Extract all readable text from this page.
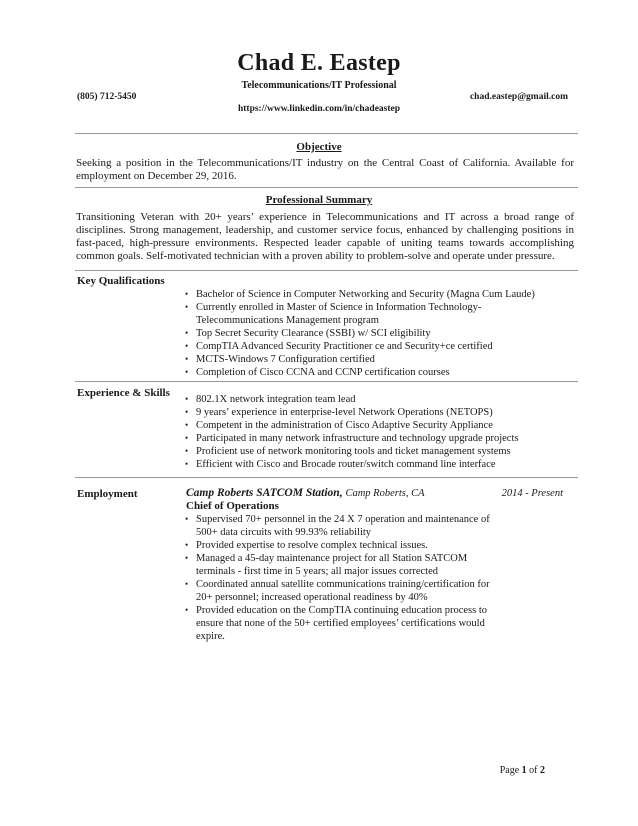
Chad E. Eastep
Telecommunications/IT Professional
(805) 712-5450	chad.eastep@gmail.com
https://www.linkedin.com/in/chadeastep
Objective
Seeking a position in the Telecommunications/IT industry on the Central Coast of California. Available for employment on December 29, 2016.
Professional Summary
Transitioning Veteran with 20+ years’ experience in Telecommunications and IT across a broad range of disciplines. Strong management, leadership, and customer service focus, enhanced by challenging positions in fast-paced, high-pressure environments. Respected leader capable of uniting teams towards accomplishing common goals. Self-motivated technician with a proven ability to problem-solve and operate under pressure.
Key Qualifications
• Bachelor of Science in Computer Networking and Security (Magna Cum Laude)
• Currently enrolled in Master of Science in Information Technology-Telecommunications Management program
• Top Secret Security Clearance (SSBI) w/ SCI eligibility
• CompTIA Advanced Security Practitioner ce and Security+ce certified
• MCTS-Windows 7 Configuration certified
• Completion of Cisco CCNA and CCNP certification courses
Experience & Skills
• 802.1X network integration team lead
• 9 years’ experience in enterprise-level Network Operations (NETOPS)
• Competent in the administration of Cisco Adaptive Security Appliance
• Participated in many network infrastructure and technology upgrade projects
• Proficient use of network monitoring tools and ticket management systems
• Efficient with Cisco and Brocade router/switch command line interface
Employment	Camp Roberts SATCOM Station, Camp Roberts, CA	2014 - Present
Chief of Operations
• Supervised 70+ personnel in the 24 X 7 operation and maintenance of 500+ data circuits with 99.93% reliability
• Provided expertise to resolve complex technical issues.
• Managed a 45-day maintenance project for all Station SATCOM terminals - first time in 5 years; all major issues corrected
• Coordinated annual satellite communications training/certification for 20+ personnel; increased operational readiness by 40%
• Provided education on the CompTIA continuing education process to ensure that none of the 50+ certified employees’ certifications would expire.
Page 1 of 2
